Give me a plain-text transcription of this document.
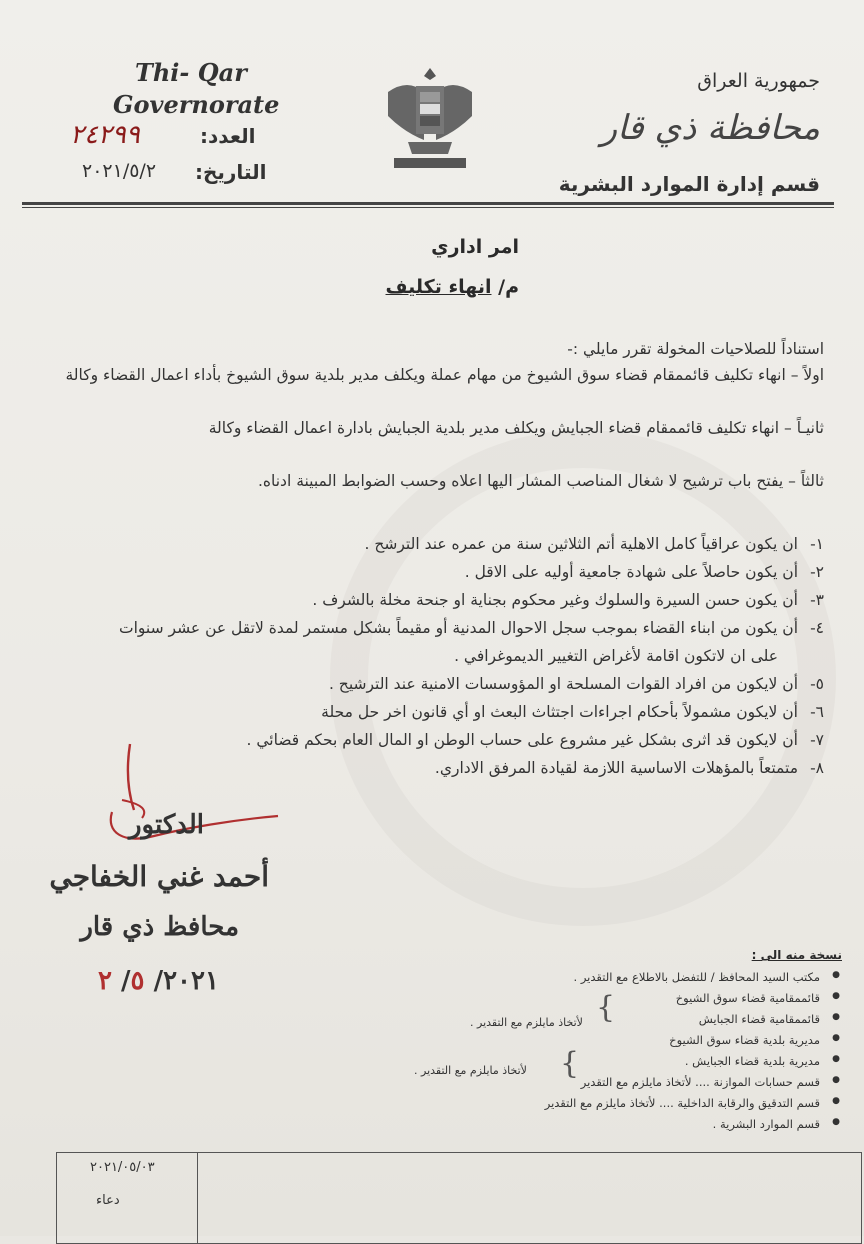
Thi- Qar
Governorate
العدد:
٢٤٢٩٩
التاريخ:
٢٠٢١/٥/٢
جمهورية العراق
محافظة ذي قار
قسم إدارة الموارد البشرية
امر اداري
م/ انهاء تكليف
استناداً للصلاحيات المخولة تقرر مايلي :-
اولاً – انهاء تكليف قائممقام قضاء سوق الشيوخ من مهام عملة ويكلف مدير بلدية سوق الشيوخ بأداء اعمال القضاء وكالة
ثانيـاً – انهاء تكليف قائممقام قضاء الجبايش ويكلف مدير بلدية الجبايش بادارة اعمال القضاء وكالة
ثالثاً – يفتح باب ترشيح لا شغال المناصب المشار اليها اعلاه وحسب الضوابط المبينة ادناه.
١-ان يكون عراقياً كامل الاهلية أتم الثلاثين سنة من عمره عند الترشح .
٢-أن يكون حاصلاً على شهادة جامعية أوليه على الاقل .
٣-أن يكون حسن السيرة والسلوك وغير محكوم بجناية او جنحة مخلة بالشرف .
٤-أن يكون من ابناء القضاء بموجب سجل الاحوال المدنية أو مقيماً بشكل مستمر لمدة لاتقل عن عشر سنوات
على ان لاتكون اقامة لأغراض التغيير الديموغرافي .
٥-أن لايكون من افراد القوات المسلحة او المؤوسسات الامنية عند الترشيح .
٦-أن لايكون مشمولاً بأحكام اجراءات اجتثاث البعث او أي قانون اخر حل محلة
٧-أن لايكون قد اثرى بشكل غير مشروع على حساب الوطن او المال العام بحكم قضائي .
٨-متمتعاً بالمؤهلات الاساسية اللازمة لقيادة المرفق الاداري.
الدكتور
أحمد غني الخفاجي
محافظ ذي قار
٢٠٢١/ ٥/ ٢
نسخة منه الى :
● مكتب السيد المحافظ / للتفضل بالاطلاع مع التقدير .
● قائممقامية قضاء سوق الشيوخ
● قائممقامية قضاء الجبايش
● مديرية بلدية قضاء سوق الشيوخ
● مديرية بلدية قضاء الجبايش .
● قسم حسابات الموازنة .... لأتخاذ مايلزم مع التقدير
● قسم التدقيق والرقابة الداخلية .... لأتخاذ مايلزم مع التقدير
● قسم الموارد البشرية .
{
لأتخاذ مايلزم مع التقدير .
{
لأتخاذ مايلزم مع التقدير .
٢٠٢١/٠٥/٠٣
دعاء
